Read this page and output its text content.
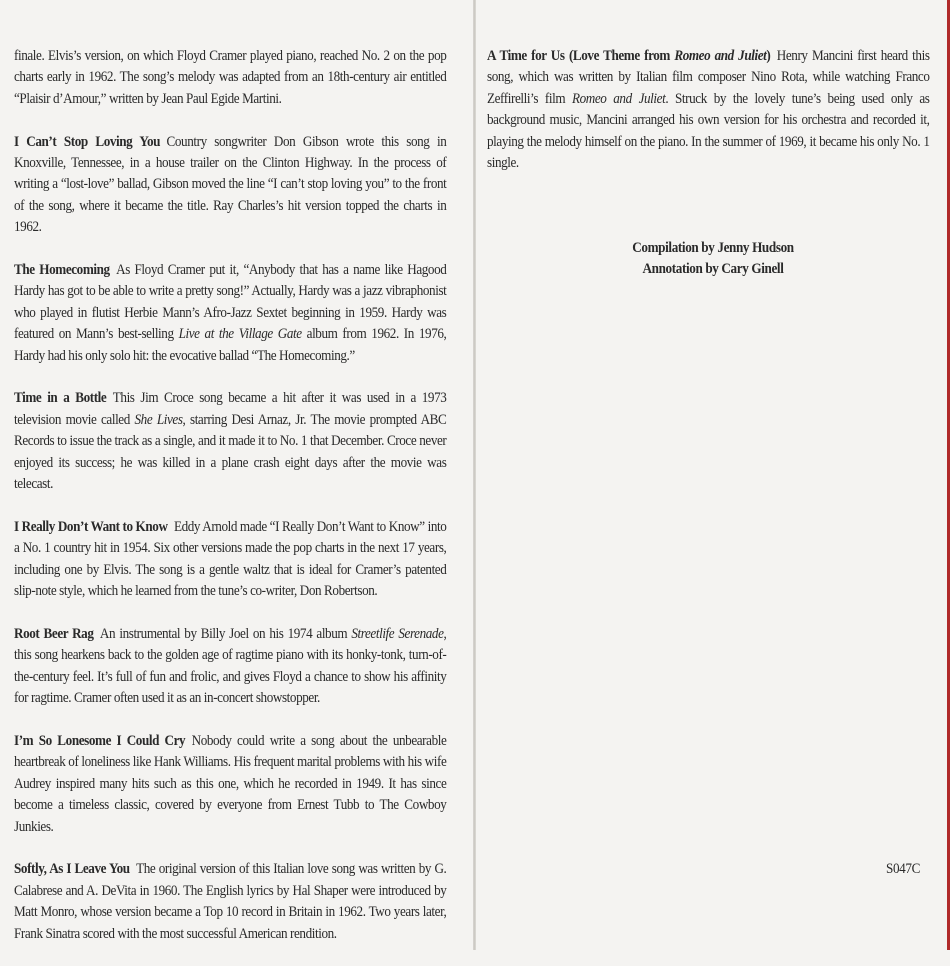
finale. Elvis’s version, on which Floyd Cramer played piano, reached No. 2 on the pop charts early in 1962. The song’s melody was adapted from an 18th-century air entitled “Plaisir d’Amour,” written by Jean Paul Egide Martini.

I Can’t Stop Loving You Country songwriter Don Gibson wrote this song in Knoxville, Tennessee, in a house trailer on the Clinton Highway. In the process of writing a “lost-love” ballad, Gibson moved the line “I can’t stop loving you” to the front of the song, where it became the title. Ray Charles’s hit version topped the charts in 1962.

The Homecoming As Floyd Cramer put it, “Anybody that has a name like Hagood Hardy has got to be able to write a pretty song!” Actually, Hardy was a jazz vibraphonist who played in flutist Herbie Mann’s Afro-Jazz Sextet beginning in 1959. Hardy was featured on Mann’s best-selling Live at the Village Gate album from 1962. In 1976, Hardy had his only solo hit: the evocative ballad “The Homecoming.”

Time in a Bottle This Jim Croce song became a hit after it was used in a 1973 television movie called She Lives, starring Desi Arnaz, Jr. The movie prompted ABC Records to issue the track as a single, and it made it to No. 1 that December. Croce never enjoyed its success; he was killed in a plane crash eight days after the movie was telecast.

I Really Don’t Want to Know Eddy Arnold made “I Really Don’t Want to Know” into a No. 1 country hit in 1954. Six other versions made the pop charts in the next 17 years, including one by Elvis. The song is a gentle waltz that is ideal for Cramer’s patented slip-note style, which he learned from the tune’s co-writer, Don Robertson.

Root Beer Rag An instrumental by Billy Joel on his 1974 album Streetlife Serenade, this song hearkens back to the golden age of ragtime piano with its honky-tonk, turn-of-the-century feel. It’s full of fun and frolic, and gives Floyd a chance to show his affinity for ragtime. Cramer often used it as an in-concert showstopper.

I’m So Lonesome I Could Cry Nobody could write a song about the unbearable heartbreak of loneliness like Hank Williams. His frequent marital problems with his wife Audrey inspired many hits such as this one, which he recorded in 1949. It has since become a timeless classic, covered by everyone from Ernest Tubb to The Cowboy Junkies.

Softly, As I Leave You The original version of this Italian love song was written by G. Calabrese and A. DeVita in 1960. The English lyrics by Hal Shaper were introduced by Matt Monro, whose version became a Top 10 record in Britain in 1962. Two years later, Frank Sinatra scored with the most successful American rendition.

A Time for Us (Love Theme from Romeo and Juliet) Henry Mancini first heard this song, which was written by Italian film composer Nino Rota, while watching Franco Zeffirelli’s film Romeo and Juliet. Struck by the lovely tune’s being used only as background music, Mancini arranged his own version for his orchestra and recorded it, playing the melody himself on the piano. In the summer of 1969, it became his only No. 1 single.

Compilation by Jenny Hudson
Annotation by Cary Ginell
S047C
